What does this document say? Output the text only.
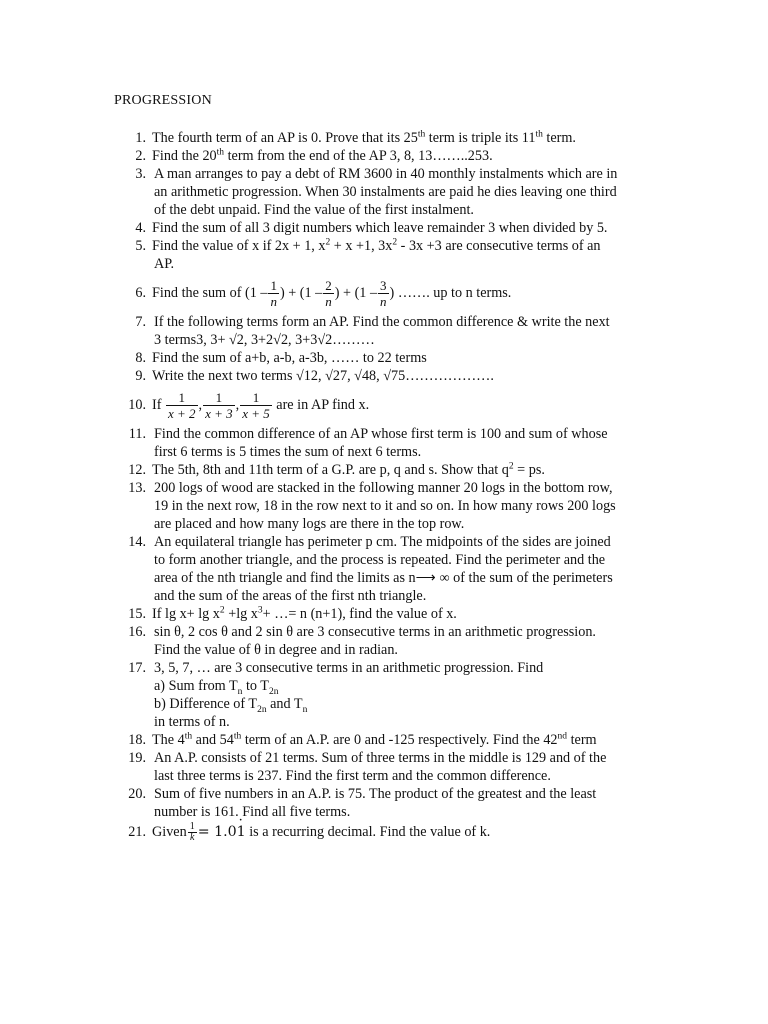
PROGRESSION
1. The fourth term of an AP is 0. Prove that its 25th term is triple its 11th term.
2. Find the 20th term from the end of the AP 3, 8, 13……..253.
3. A man arranges to pay a debt of RM 3600 in 40 monthly instalments which are in
an arithmetic progression. When 30 instalments are paid he dies leaving one third
of the debt unpaid. Find the value of the first instalment.
4. Find the sum of all 3 digit numbers which leave remainder 3 when divided by 5.
5. Find the value of x if 2x + 1, $x^2 + x +1$, $3x^2 - 3x +3$ are consecutive terms of an
AP.
6. Find the sum of ($1 - \frac{1}{n}$ ) + ($1 - \frac{2}{n}$ ) + ($1 - \frac{3}{n}$ ) ……. up to n terms.
7. If the following terms form an AP. Find the common difference & write the next
3 terms3, 3+ √2, 3+2√2, 3+3√2………
8. Find the sum of a+b, a-b, a-3b, …… to 22 terms
9. Write the next two terms √12, √27, √48, √75……………….
10. If $\frac{1}{x + 2}$ , $\frac{1}{x + 3}$ , $\frac{1}{x + 5}$ are in AP find x.
11. Find the common difference of an AP whose first term is 100 and sum of whose
first 6 terms is 5 times the sum of next 6 terms.
12. The 5th, 8th and 11th term of a G.P. are p, q and s. Show that $q^2$ = ps.
13. 200 logs of wood are stacked in the following manner 20 logs in the bottom row,
19 in the next row, 18 in the row next to it and so on. In how many rows 200 logs
are placed and how many logs are there in the top row.
14. An equilateral triangle has perimeter p cm. The midpoints of the sides are joined
to form another triangle, and the process is repeated. Find the perimeter and the
area of the nth triangle and find the limits as n⟶ ∞ of the sum of the perimeters
and the sum of the areas of the first nth triangle.
15. If $\lg x+ \lg x^2 +\lg$ $x^3+$ …= n (n+1), find the value of x.
16. sin θ, 2 cos θ and 2 sin θ are 3 consecutive terms in an arithmetic progression.
Find the value of θ in degree and in radian.
17. 3, 5, 7, … are 3 consecutive terms in an arithmetic progression. Find
a) Sum from $T_n$ to $T_{2n}$
b) Difference of $T_{2n}$ and $T_n$
in terms of n.
18. The 4th and 54th term of an A.P. are 0 and -125 respectively. Find the 42nd term
19. An A.P. consists of 21 terms. Sum of three terms in the middle is 129 and of the
last three terms is 237. Find the first term and the common difference.
20. Sum of five numbers in an A.P. is 75. The product of the greatest and the least
number is 161. Find all five terms.
21. Given $\frac{1}{k} = 1.0\cdot 1$ is a recurring decimal. Find the value of k.
